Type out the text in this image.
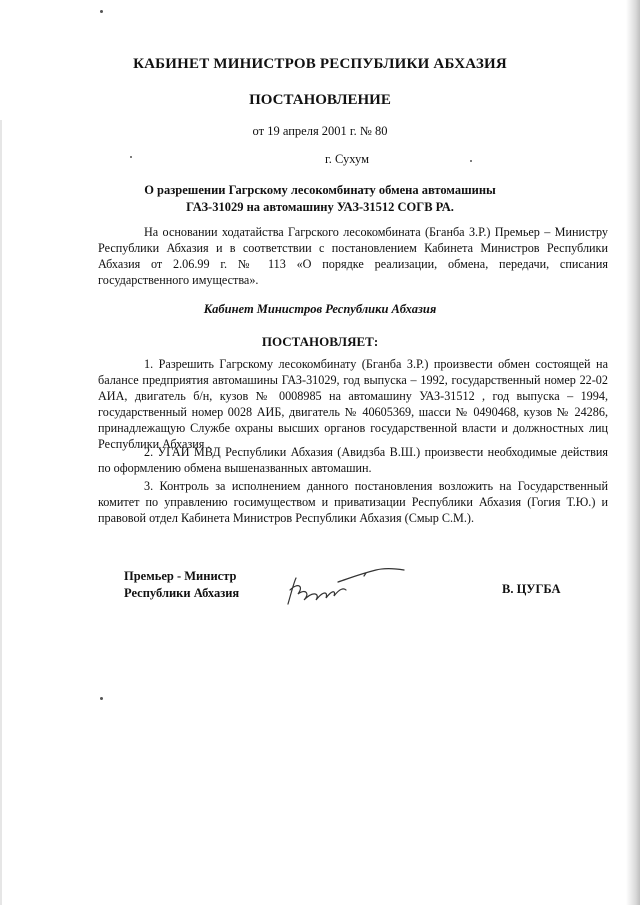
КАБИНЕТ МИНИСТРОВ РЕСПУБЛИКИ АБХАЗИЯ
ПОСТАНОВЛЕНИЕ
от 19 апреля 2001 г. № 80
г. Сухум
О разрешении Гагрскому лесокомбинату обмена автомашины
ГАЗ-31029 на автомашину УАЗ-31512 СОГВ РА.
На основании ходатайства Гагрского лесокомбината (Бганба З.Р.) Премьер – Министру Республики Абхазия и в соответствии с постановлением Кабинета Министров Республики Абхазия от 2.06.99 г. № 113 «О порядке реализации, обмена, передачи, списания государственного имущества».
Кабинет Министров Республики Абхазия
ПОСТАНОВЛЯЕТ:
1. Разрешить Гагрскому лесокомбинату (Бганба З.Р.) произвести обмен состоящей на балансе предприятия автомашины ГАЗ-31029, год выпуска – 1992, государственный номер 22-02 АИА, двигатель б/н, кузов № 0008985 на автомашину УАЗ-31512 , год выпуска – 1994, государственный номер 0028 АИБ, двигатель № 40605369, шасси № 0490468, кузов № 24286, принадлежащую Службе охраны высших органов государственной власти и должностных лиц Республики Абхазия .
2. УГАИ МВД Республики Абхазия (Авидзба В.Ш.) произвести необходимые действия по оформлению обмена вышеназванных автомашин.
3. Контроль за исполнением данного постановления возложить на Государственный комитет по управлению госимуществом и приватизации Республики Абхазия (Гогия Т.Ю.) и правовой отдел Кабинета Министров Республики Абхазия (Смыр С.М.).
Премьер - Министр
Республики Абхазия	В. ЦУГБА
